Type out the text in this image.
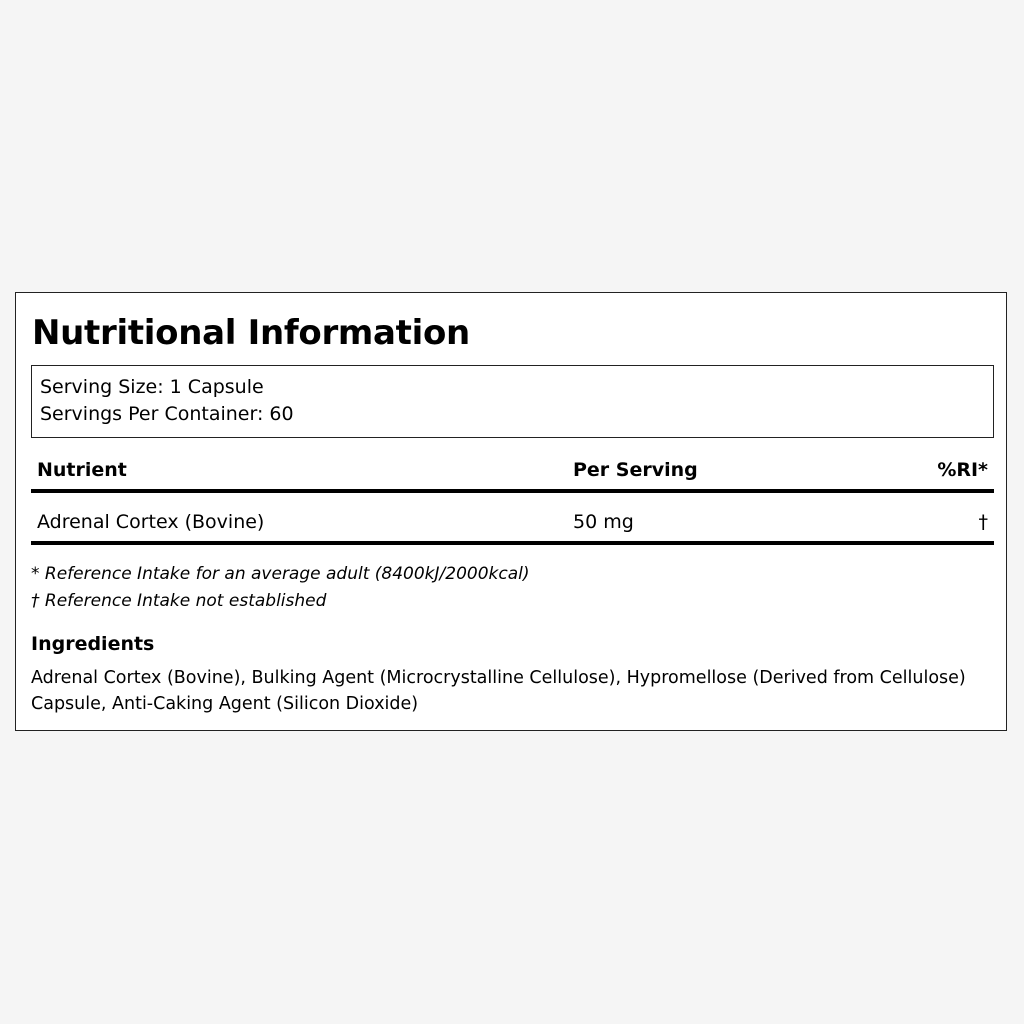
Nutritional Information
Serving Size: 1 Capsule
Servings Per Container: 60
Nutrient	Per Serving	%RI*
Adrenal Cortex (Bovine)	50 mg	†
* Reference Intake for an average adult (8400kJ/2000kcal)
† Reference Intake not established
Ingredients

Adrenal Cortex (Bovine), Bulking Agent (Microcrystalline Cellulose), Hypromellose (Derived from Cellulose) Capsule, Anti-Caking Agent (Silicon Dioxide)
